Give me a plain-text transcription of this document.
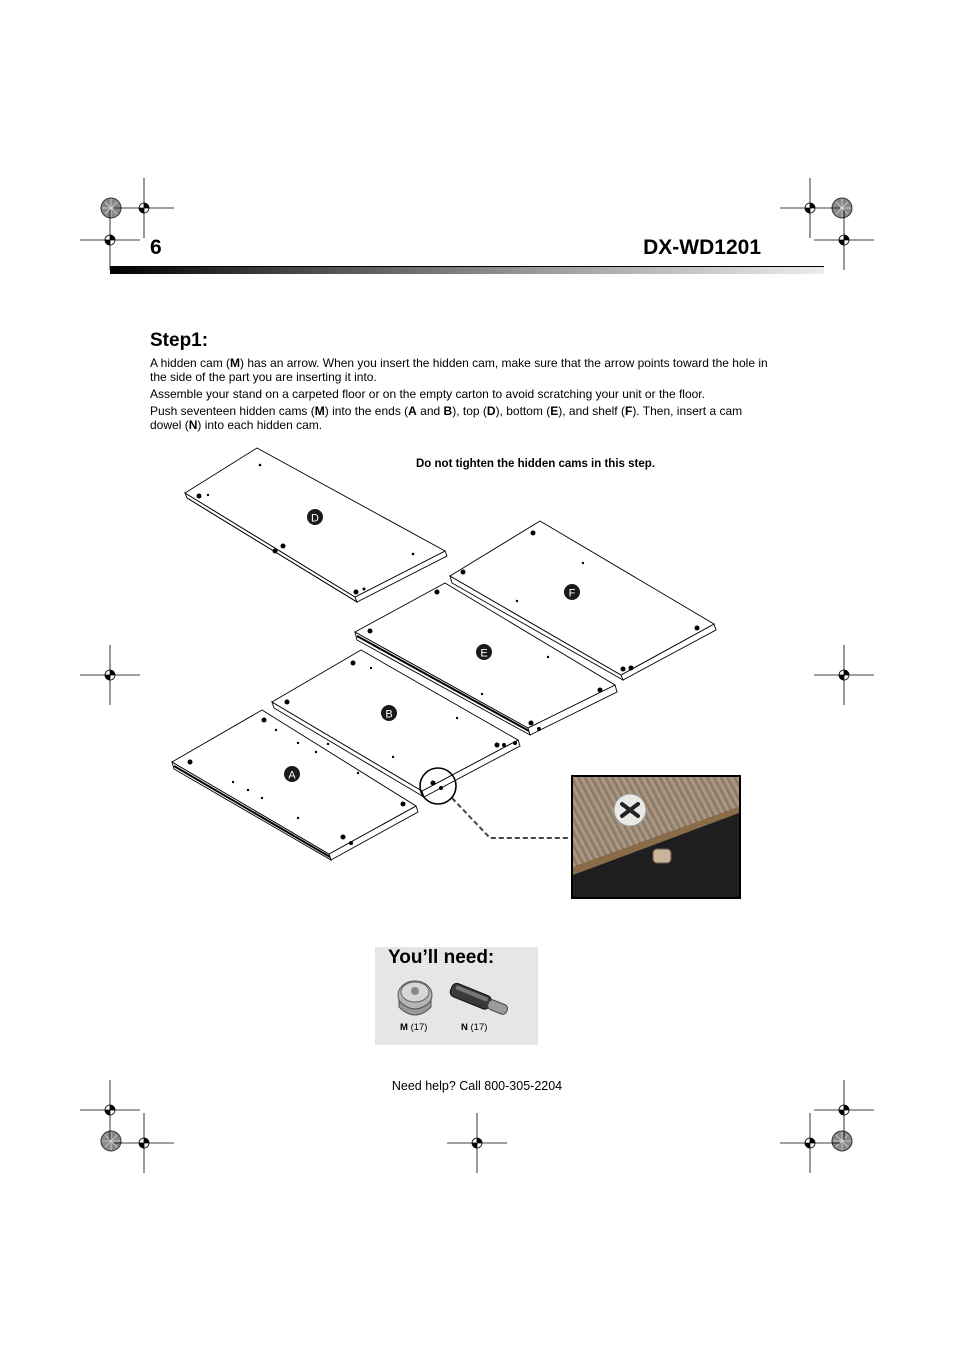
6	DX-WD1201
Step1:
A hidden cam (M) has an arrow. When you insert the hidden cam, make sure that the arrow points toward the hole in the side of the part you are inserting it into.
Assemble your stand on a carpeted floor or on the empty carton to avoid scratching your unit or the floor.
Push seventeen hidden cams (M) into the ends (A and B), top (D), bottom (E), and shelf (F). Then, insert a cam dowel (N) into each hidden cam.
Do not tighten the hidden cams in this step.
D
F
E
B
A
You’ll need:
M (17)	N (17)
Need help? Call 800-305-2204
